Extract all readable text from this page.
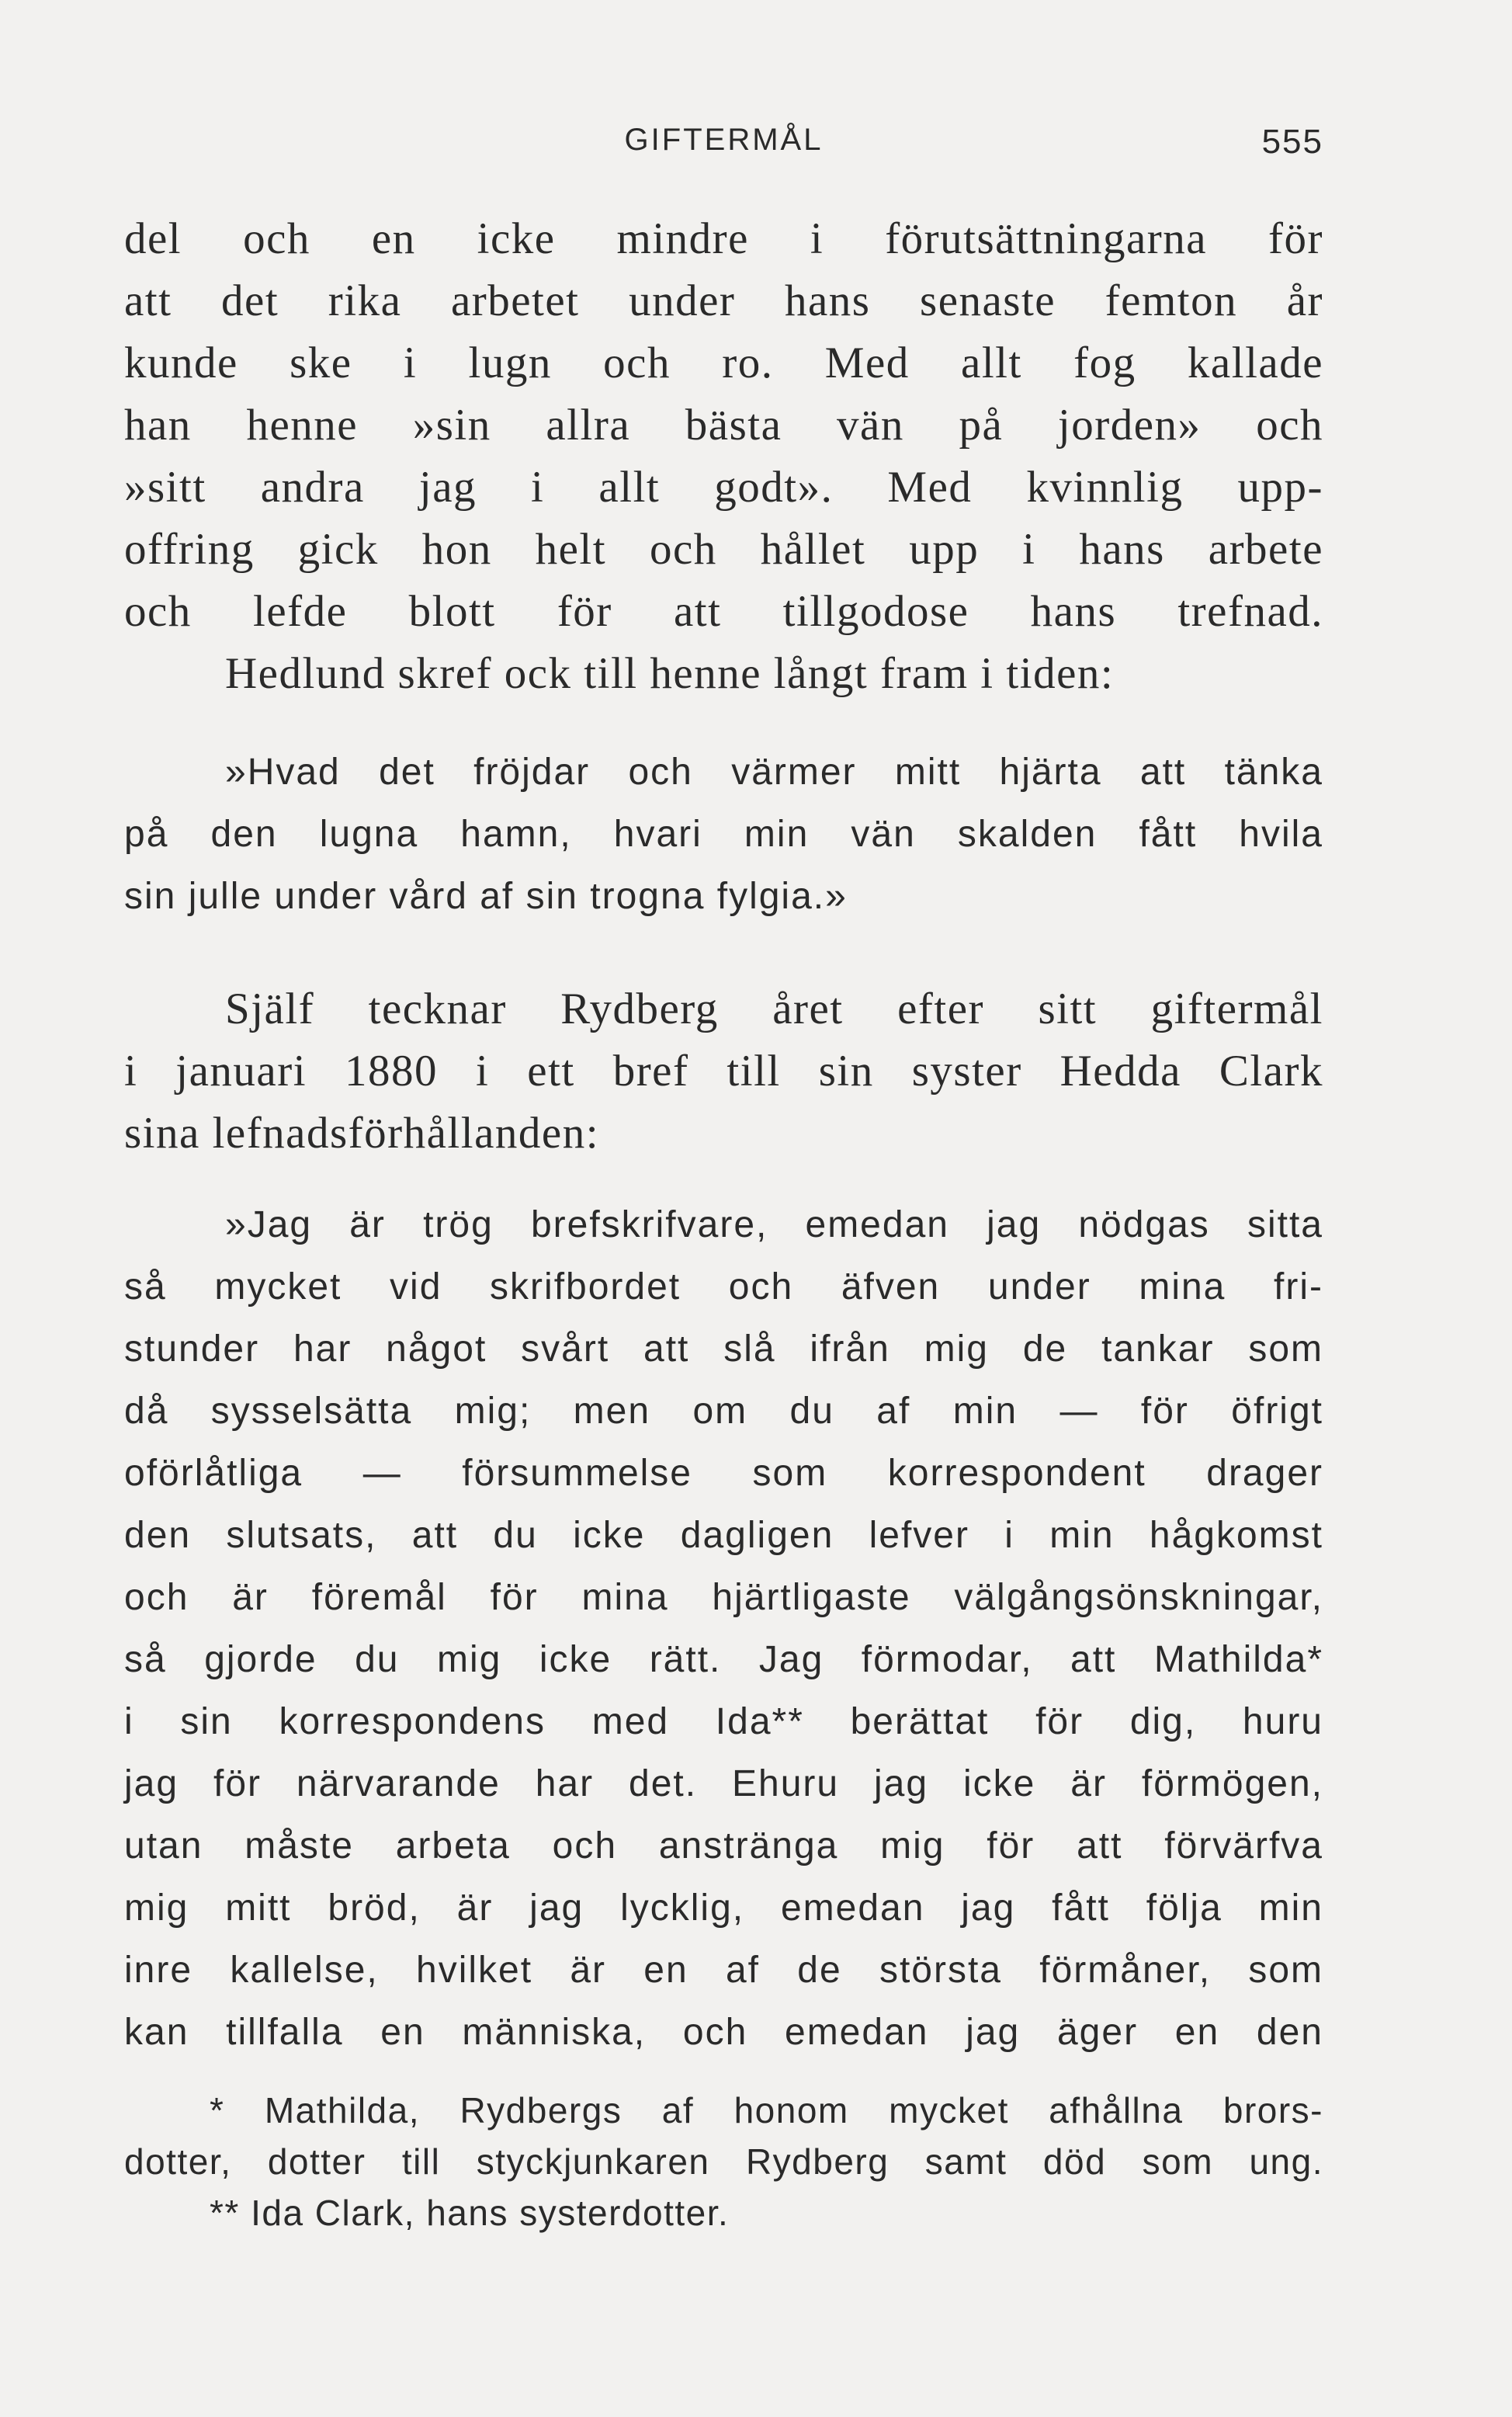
GIFTERMÅL	555
del och en icke mindre i förutsättningarna för
att det rika arbetet under hans senaste femton år
kunde ske i lugn och ro. Med allt fog kallade
han henne »sin allra bästa vän på jorden» och
»sitt andra jag i allt godt». Med kvinnlig upp-
offring gick hon helt och hållet upp i hans arbete
och lefde blott för att tillgodose hans trefnad.
Hedlund skref ock till henne långt fram i tiden:
»Hvad det fröjdar och värmer mitt hjärta att tänka
på den lugna hamn, hvari min vän skalden fått hvila
sin julle under vård af sin trogna fylgia.»
Själf tecknar Rydberg året efter sitt giftermål
i januari 1880 i ett bref till sin syster Hedda Clark
sina lefnadsförhållanden:
»Jag är trög brefskrifvare, emedan jag nödgas sitta
så mycket vid skrifbordet och äfven under mina fri-
stunder har något svårt att slå ifrån mig de tankar som
då sysselsätta mig; men om du af min — för öfrigt
oförlåtliga — försummelse som korrespondent drager
den slutsats, att du icke dagligen lefver i min hågkomst
och är föremål för mina hjärtligaste välgångsönskningar,
så gjorde du mig icke rätt. Jag förmodar, att Mathilda*
i sin korrespondens med Ida** berättat för dig, huru
jag för närvarande har det. Ehuru jag icke är förmögen,
utan måste arbeta och anstränga mig för att förvärfva
mig mitt bröd, är jag lycklig, emedan jag fått följa min
inre kallelse, hvilket är en af de största förmåner, som
kan tillfalla en människa, och emedan jag äger en den
* Mathilda, Rydbergs af honom mycket afhållna brors-
dotter, dotter till styckjunkaren Rydberg samt död som ung.
** Ida Clark, hans systerdotter.
